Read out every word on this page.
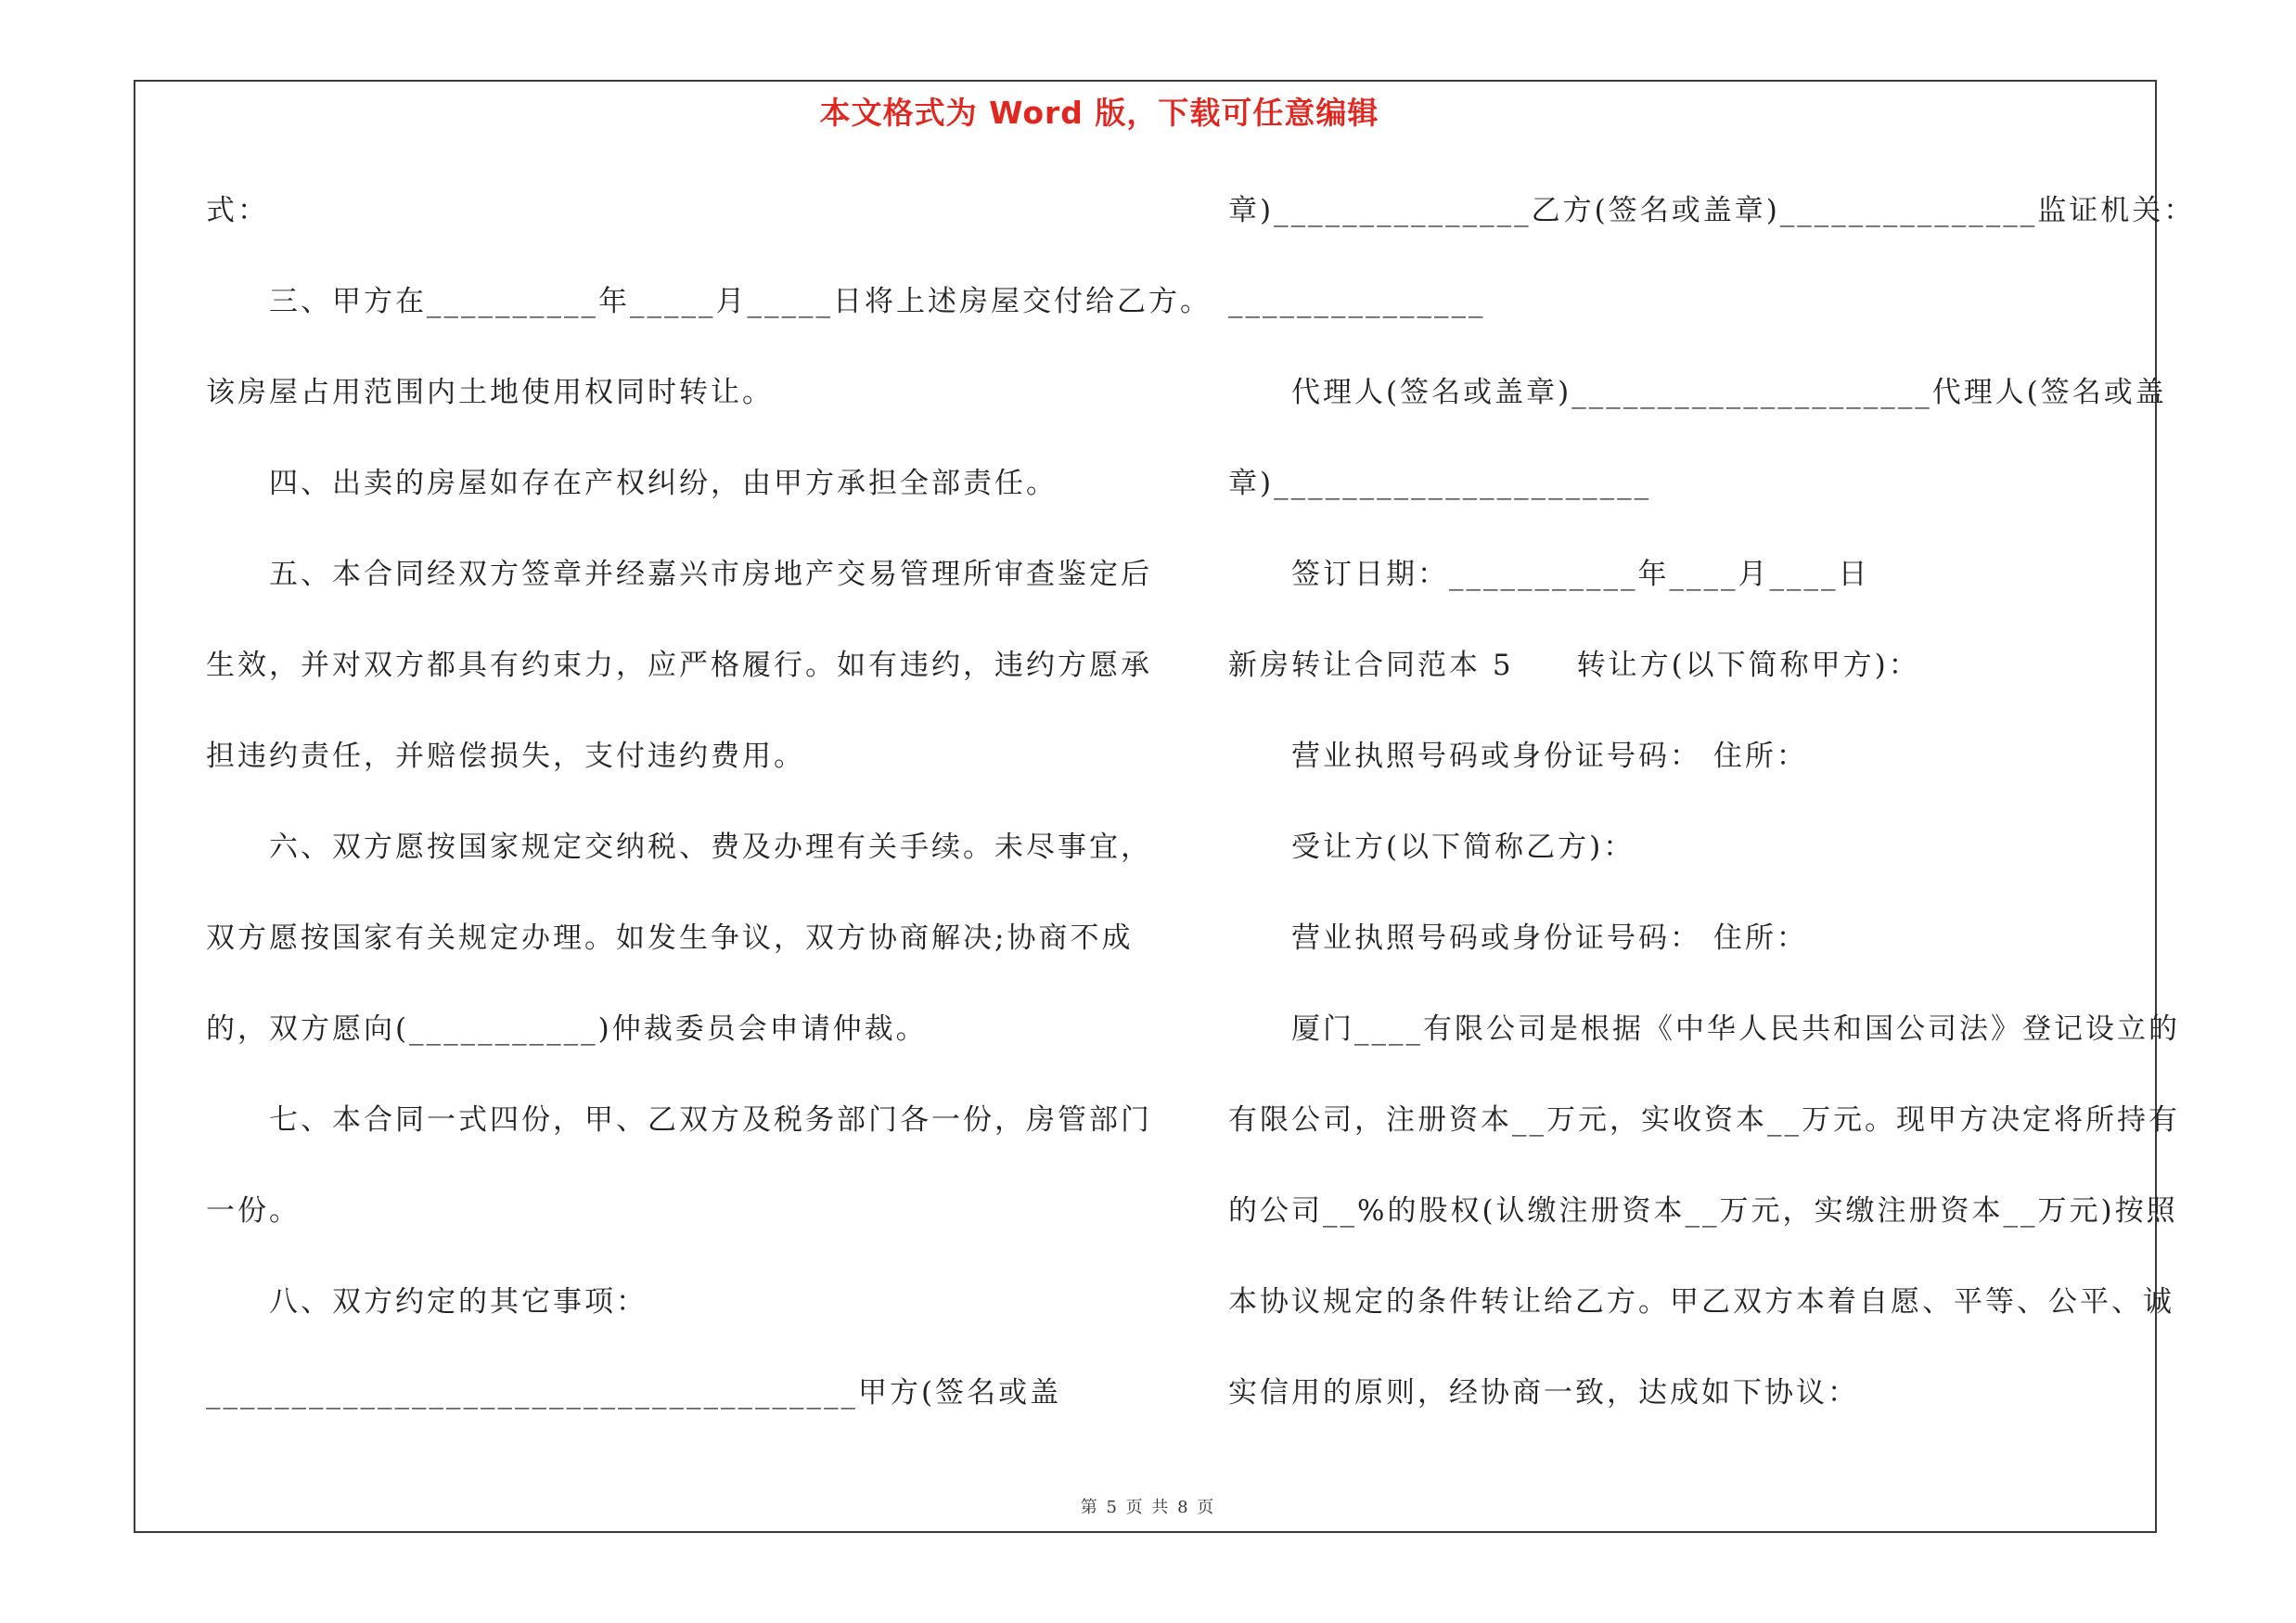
本文格式为 Word 版，下载可任意编辑
式：
三、甲方在__________年_____月_____日将上述房屋交付给乙方。
该房屋占用范围内土地使用权同时转让。
四、出卖的房屋如存在产权纠纷，由甲方承担全部责任。
五、本合同经双方签章并经嘉兴市房地产交易管理所审查鉴定后
生效，并对双方都具有约束力，应严格履行。如有违约，违约方愿承
担违约责任，并赔偿损失，支付违约费用。
六、双方愿按国家规定交纳税、费及办理有关手续。未尽事宜，
双方愿按国家有关规定办理。如发生争议，双方协商解决;协商不成
的，双方愿向(___________)仲裁委员会申请仲裁。
七、本合同一式四份，甲、乙双方及税务部门各一份，房管部门
一份。
八、双方约定的其它事项：
______________________________________甲方(签名或盖
章)_______________乙方(签名或盖章)_______________监证机关：
_______________
代理人(签名或盖章)_____________________代理人(签名或盖
章)______________________
签订日期：___________年____月____日
新房转让合同范本 5　　转让方(以下简称甲方)：
营业执照号码或身份证号码： 住所：
受让方(以下简称乙方)：
营业执照号码或身份证号码： 住所：
厦门____有限公司是根据《中华人民共和国公司法》登记设立的
有限公司，注册资本__万元，实收资本__万元。现甲方决定将所持有
的公司__%的股权(认缴注册资本__万元，实缴注册资本__万元)按照
本协议规定的条件转让给乙方。甲乙双方本着自愿、平等、公平、诚
实信用的原则，经协商一致，达成如下协议：
第 5 页 共 8 页
